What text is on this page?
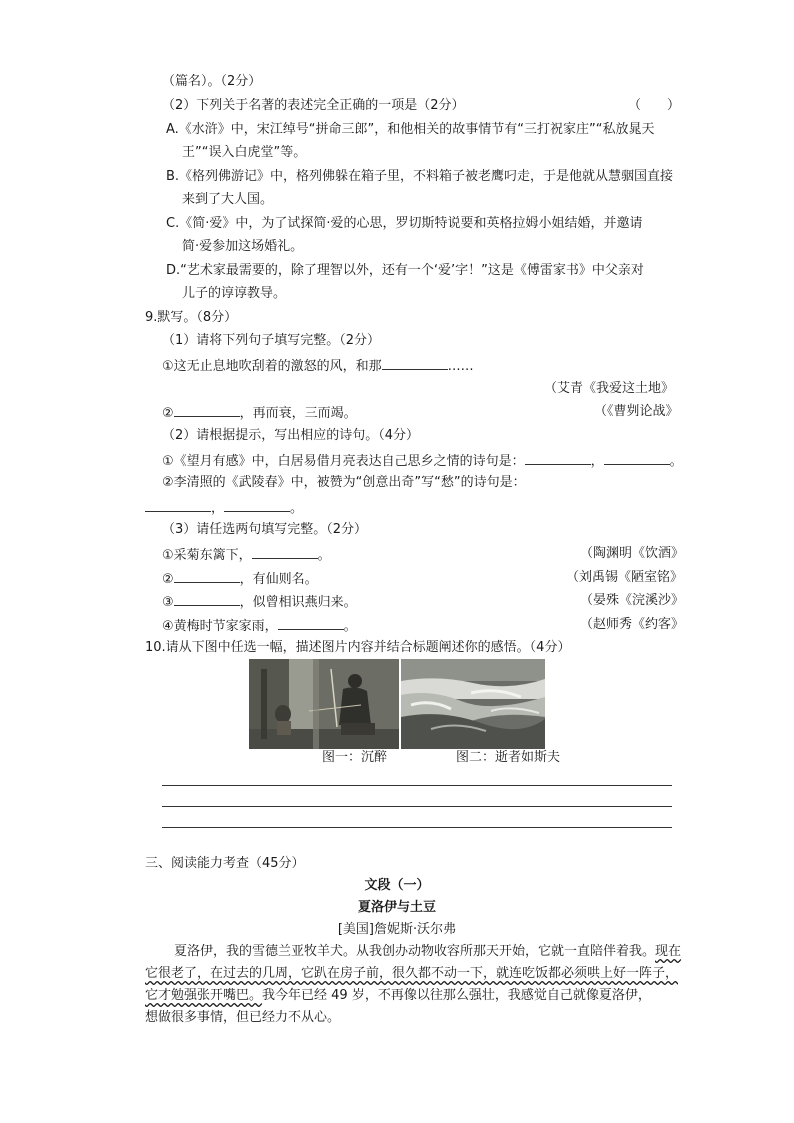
（篇名）。（2分）
（2）下列关于名著的表述完全正确的一项是（2分）	（　　）
A.《水浒》中，宋江绰号“拼命三郎”，和他相关的故事情节有“三打祝家庄”“私放晁天
王”“误入白虎堂”等。
B.《格列佛游记》中，格列佛躲在箱子里，不料箱子被老鹰叼走，于是他就从慧骃国直接
来到了大人国。
C.《简·爱》中，为了试探简·爱的心思，罗切斯特说要和英格拉姆小姐结婚，并邀请
简·爱参加这场婚礼。
D.“艺术家最需要的，除了理智以外，还有一个‘爱’字！”这是《傅雷家书》中父亲对
儿子的谆谆教导。
9.默写。（8分）
（1）请将下列句子填写完整。（2分）
①这无止息地吹刮着的激怒的风，和那	……
（艾青《我爱这土地》
②	，再而衰，三而竭。	（《曹刿论战》
（2）请根据提示，写出相应的诗句。（4分）
①《望月有感》中，白居易借月亮表达自己思乡之情的诗句是：	，	。
②李清照的《武陵春》中，被赞为“创意出奇”写“愁”的诗句是：
，	。
（3）请任选两句填写完整。（2分）
①采菊东篱下，	。	（陶渊明《饮酒》
②	，有仙则名。	（刘禹锡《陋室铭》
③	，似曾相识燕归来。	（晏殊《浣溪沙》
④黄梅时节家家雨，	。	（赵师秀《约客》
10.请从下图中任选一幅，描述图片内容并结合标题阐述你的感悟。（4分）
图一：沉醉	图二：逝者如斯夫
三、阅读能力考查（45分）
文段（一）
夏洛伊与土豆
[美国]詹妮斯·沃尔弗
夏洛伊，我的雪德兰亚牧羊犬。从我创办动物收容所那天开始，它就一直陪伴着我。现在
它很老了，在过去的几周，它趴在房子前，很久都不动一下，就连吃饭都必须哄上好一阵子，
它才勉强张开嘴巴。我今年已经 49 岁，不再像以往那么强壮，我感觉自己就像夏洛伊，
想做很多事情，但已经力不从心。
